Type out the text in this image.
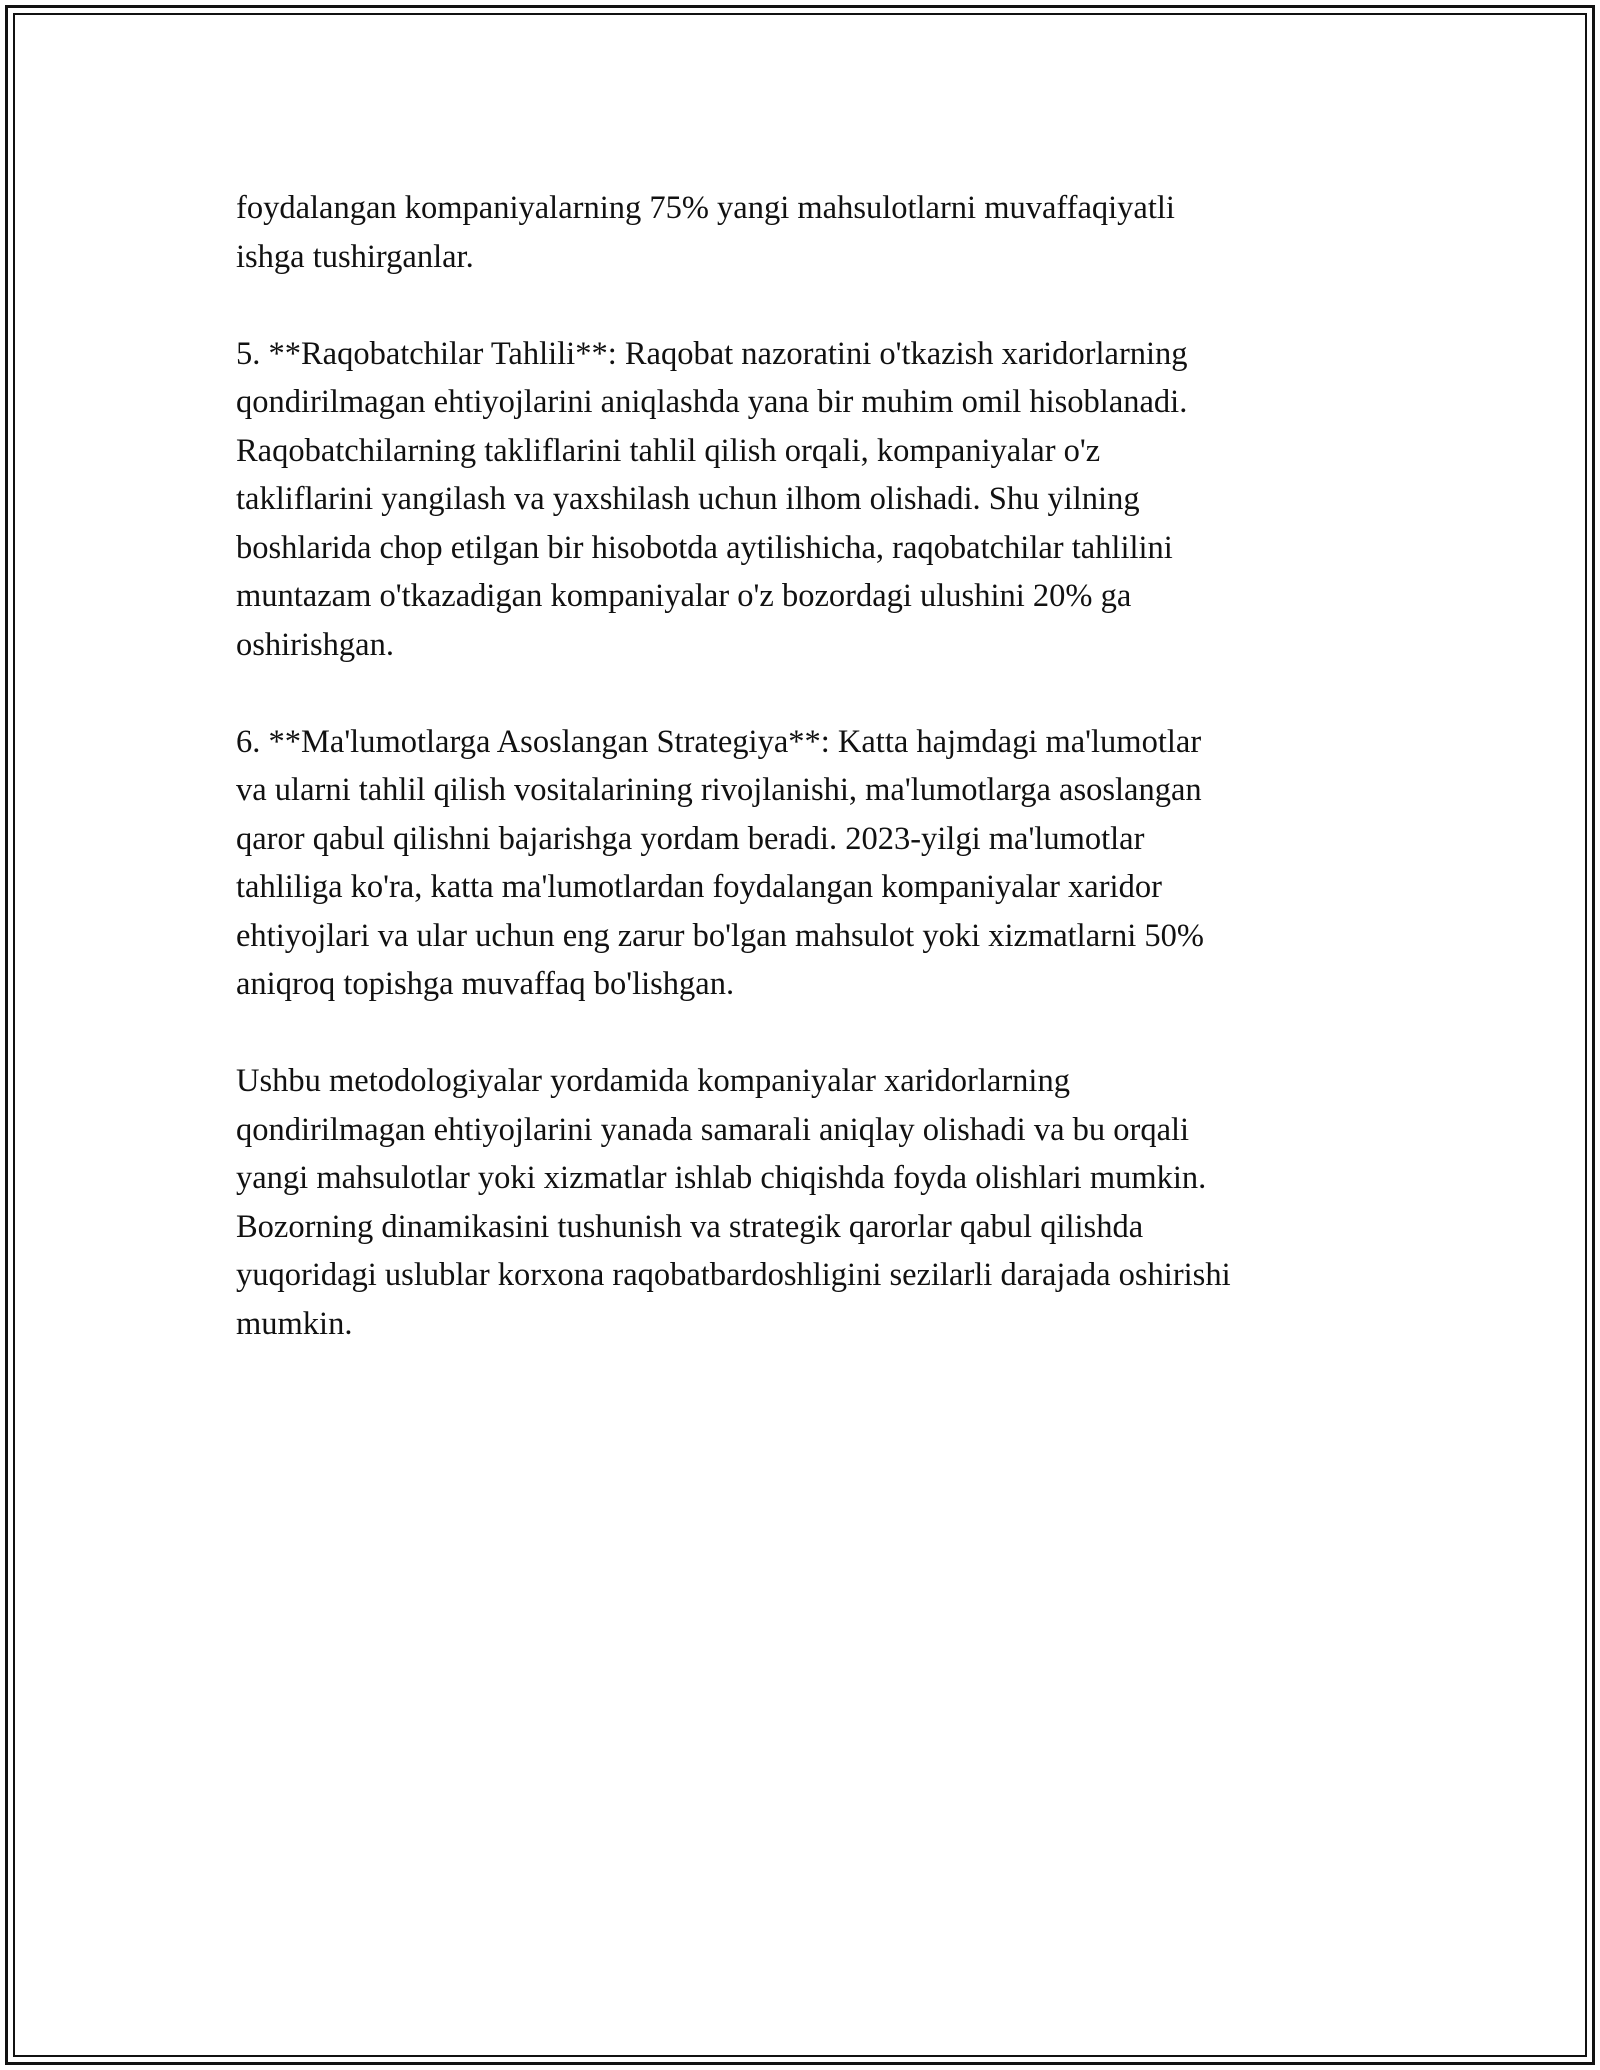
foydalangan kompaniyalarning 75% yangi mahsulotlarni muvaffaqiyatli
ishga tushirganlar.

5. **Raqobatchilar Tahlili**: Raqobat nazoratini o'tkazish xaridorlarning
qondirilmagan ehtiyojlarini aniqlashda yana bir muhim omil hisoblanadi.
Raqobatchilarning takliflarini tahlil qilish orqali, kompaniyalar o'z
takliflarini yangilash va yaxshilash uchun ilhom olishadi. Shu yilning
boshlarida chop etilgan bir hisobotda aytilishicha, raqobatchilar tahlilini
muntazam o'tkazadigan kompaniyalar o'z bozordagi ulushini 20% ga
oshirishgan.

6. **Ma'lumotlarga Asoslangan Strategiya**: Katta hajmdagi ma'lumotlar
va ularni tahlil qilish vositalarining rivojlanishi, ma'lumotlarga asoslangan
qaror qabul qilishni bajarishga yordam beradi. 2023-yilgi ma'lumotlar
tahliliga ko'ra, katta ma'lumotlardan foydalangan kompaniyalar xaridor
ehtiyojlari va ular uchun eng zarur bo'lgan mahsulot yoki xizmatlarni 50%
aniqroq topishga muvaffaq bo'lishgan.

Ushbu metodologiyalar yordamida kompaniyalar xaridorlarning
qondirilmagan ehtiyojlarini yanada samarali aniqlay olishadi va bu orqali
yangi mahsulotlar yoki xizmatlar ishlab chiqishda foyda olishlari mumkin.
Bozorning dinamikasini tushunish va strategik qarorlar qabul qilishda
yuqoridagi uslublar korxona raqobatbardoshligini sezilarli darajada oshirishi
mumkin.
